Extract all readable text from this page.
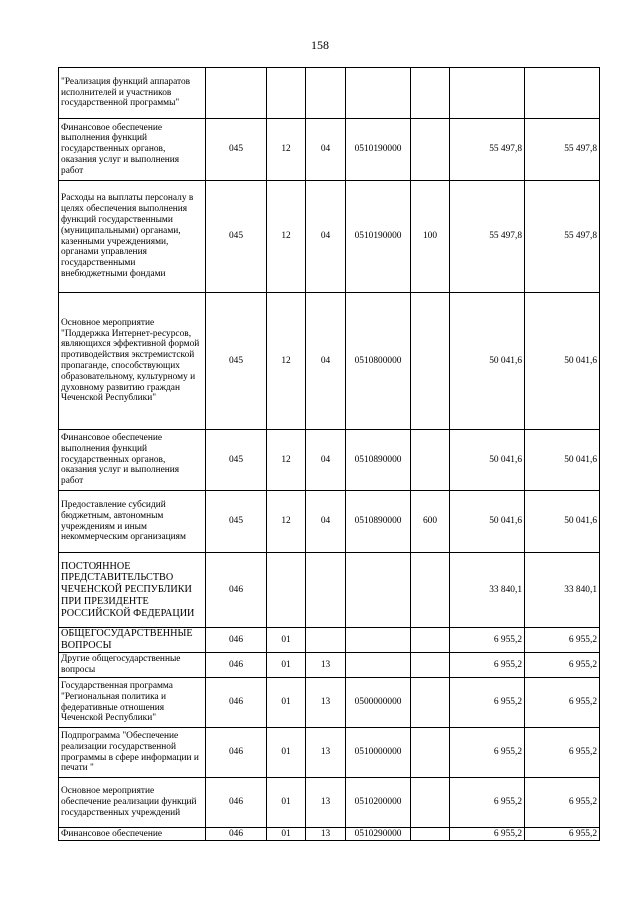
158
"Реализация функций аппаратов исполнителей и участников государственной программы"							
Финансовое обеспечение выполнения функций государственных органов, оказания услуг и выполнения работ	045	12	04	0510190000		55 497,8	55 497,8
Расходы на выплаты персоналу в целях обеспечения выполнения функций государственными (муниципальными) органами, казенными учреждениями, органами управления государственными внебюджетными фондами	045	12	04	0510190000	100	55 497,8	55 497,8
Основное мероприятие "Поддержка Интернет-ресурсов, являющихся эффективной формой противодействия экстремистской пропаганде, способствующих образовательному, культурному и духовному развитию граждан Чеченской Республики"	045	12	04	0510800000		50 041,6	50 041,6
Финансовое обеспечение выполнения функций государственных органов, оказания услуг и выполнения работ	045	12	04	0510890000		50 041,6	50 041,6
Предоставление субсидий бюджетным, автономным учреждениям и иным некоммерческим организациям	045	12	04	0510890000	600	50 041,6	50 041,6
ПОСТОЯННОЕ ПРЕДСТАВИТЕЛЬСТВО ЧЕЧЕНСКОЙ РЕСПУБЛИКИ ПРИ ПРЕЗИДЕНТЕ РОССИЙСКОЙ ФЕДЕРАЦИИ	046					33 840,1	33 840,1
ОБЩЕГОСУДАРСТВЕННЫЕ ВОПРОСЫ	046	01				6 955,2	6 955,2
Другие общегосударственные вопросы	046	01	13			6 955,2	6 955,2
Государственная программа "Региональная политика и федеративные отношения Чеченской Республики"	046	01	13	0500000000		6 955,2	6 955,2
Подпрограмма "Обеспечение реализации государственной программы в сфере информации и печати "	046	01	13	0510000000		6 955,2	6 955,2
Основное мероприятие обеспечение реализации функций государственных учреждений	046	01	13	0510200000		6 955,2	6 955,2
Финансовое обеспечение	046	01	13	0510290000		6 955,2	6 955,2
